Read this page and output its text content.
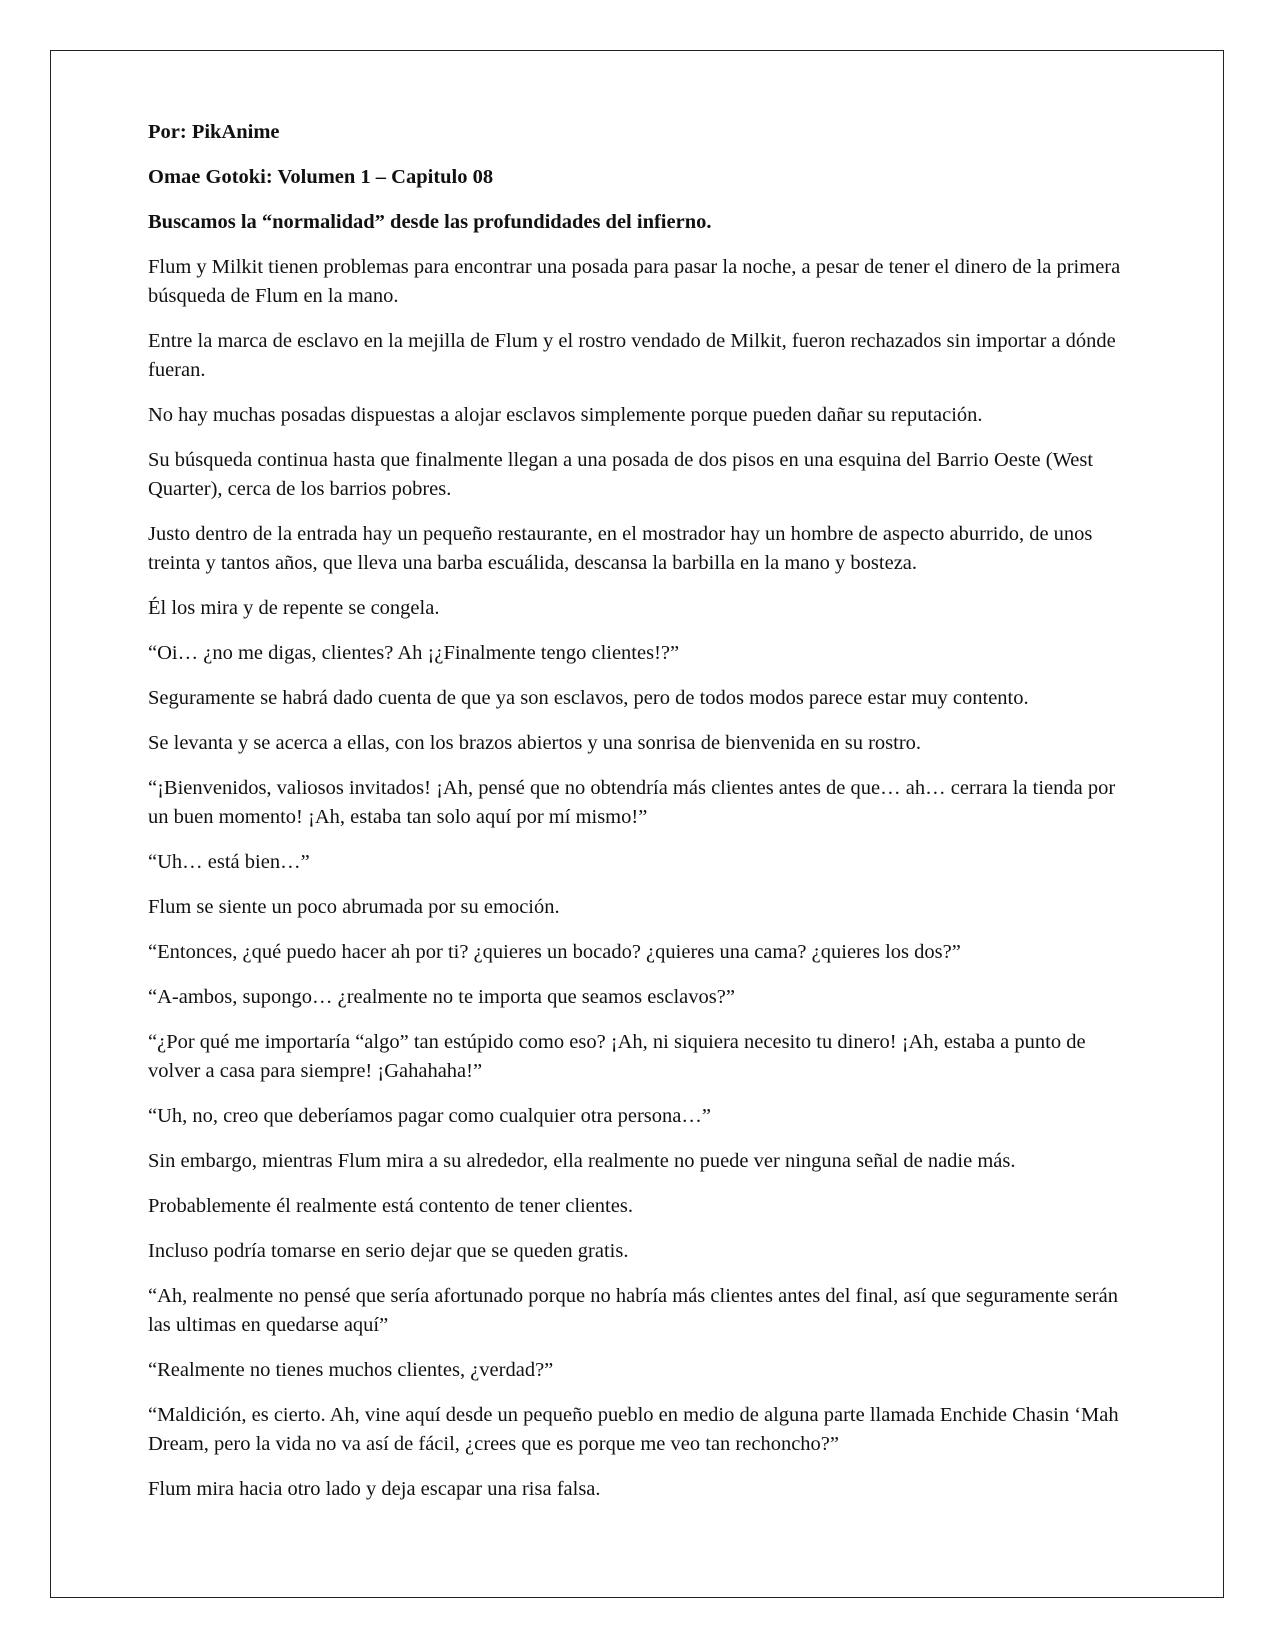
Por: PikAnime

Omae Gotoki: Volumen 1 – Capitulo 08

Buscamos la “normalidad” desde las profundidades del infierno.

Flum y Milkit tienen problemas para encontrar una posada para pasar la noche, a pesar de tener el dinero de la primera búsqueda de Flum en la mano.

Entre la marca de esclavo en la mejilla de Flum y el rostro vendado de Milkit, fueron rechazados sin importar a dónde fueran.

No hay muchas posadas dispuestas a alojar esclavos simplemente porque pueden dañar su reputación.

Su búsqueda continua hasta que finalmente llegan a una posada de dos pisos en una esquina del Barrio Oeste (West Quarter), cerca de los barrios pobres.

Justo dentro de la entrada hay un pequeño restaurante, en el mostrador hay un hombre de aspecto aburrido, de unos treinta y tantos años, que lleva una barba escuálida, descansa la barbilla en la mano y bosteza.

Él los mira y de repente se congela.

“Oi… ¿no me digas, clientes? Ah ¡¿Finalmente tengo clientes!?”

Seguramente se habrá dado cuenta de que ya son esclavos, pero de todos modos parece estar muy contento.

Se levanta y se acerca a ellas, con los brazos abiertos y una sonrisa de bienvenida en su rostro.

“¡Bienvenidos, valiosos invitados! ¡Ah, pensé que no obtendría más clientes antes de que… ah… cerrara la tienda por un buen momento! ¡Ah, estaba tan solo aquí por mí mismo!”

“Uh… está bien…”

Flum se siente un poco abrumada por su emoción.

“Entonces, ¿qué puedo hacer ah por ti? ¿quieres un bocado? ¿quieres una cama? ¿quieres los dos?”

“A-ambos, supongo… ¿realmente no te importa que seamos esclavos?”

“¿Por qué me importaría “algo” tan estúpido como eso? ¡Ah, ni siquiera necesito tu dinero! ¡Ah, estaba a punto de volver a casa para siempre! ¡Gahahaha!”

“Uh, no, creo que deberíamos pagar como cualquier otra persona…”

Sin embargo, mientras Flum mira a su alrededor, ella realmente no puede ver ninguna señal de nadie más.

Probablemente él realmente está contento de tener clientes.

Incluso podría tomarse en serio dejar que se queden gratis.

“Ah, realmente no pensé que sería afortunado porque no habría más clientes antes del final, así que seguramente serán las ultimas en quedarse aquí”

“Realmente no tienes muchos clientes, ¿verdad?”

“Maldición, es cierto. Ah, vine aquí desde un pequeño pueblo en medio de alguna parte llamada Enchide Chasin ‘Mah Dream, pero la vida no va así de fácil, ¿crees que es porque me veo tan rechoncho?”

Flum mira hacia otro lado y deja escapar una risa falsa.
